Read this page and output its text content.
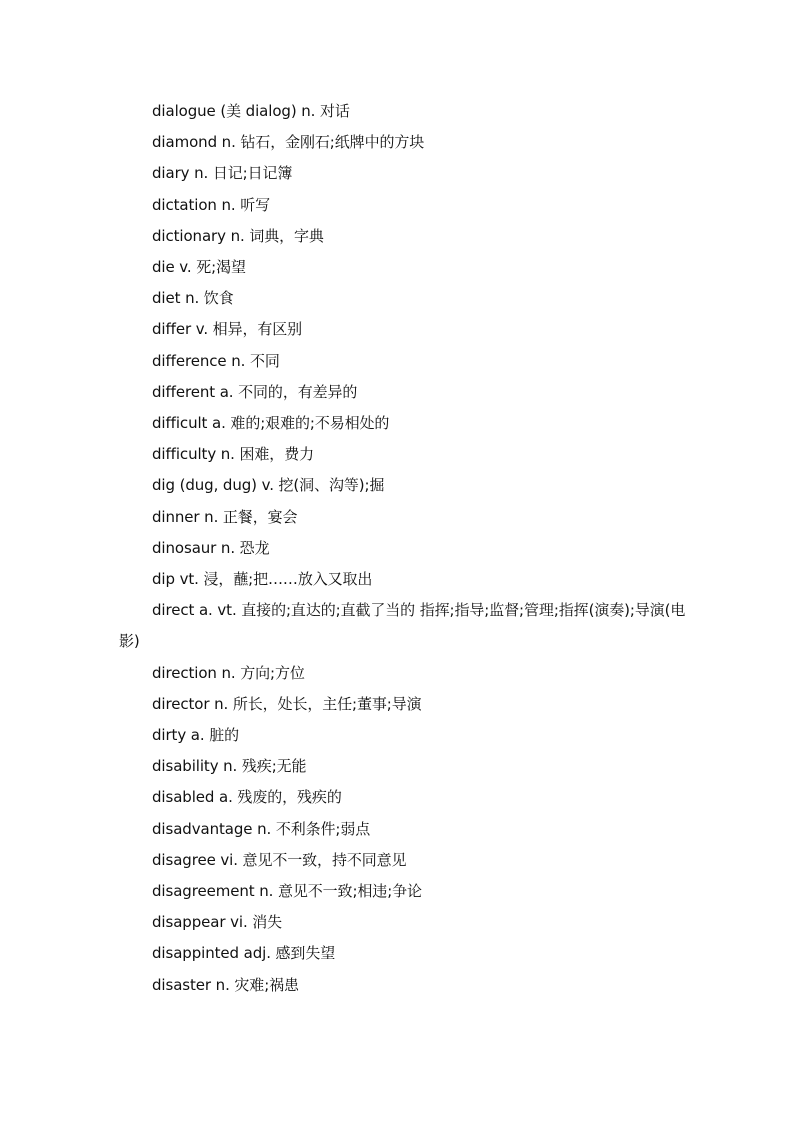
dialogue (美 dialog) n. 对话
diamond n. 钻石，金刚石;纸牌中的方块
diary n. 日记;日记簿
dictation n. 听写
dictionary n. 词典，字典
die v. 死;渴望
diet n. 饮食
differ v. 相异，有区别
difference n. 不同
different a. 不同的，有差异的
difficult a. 难的;艰难的;不易相处的
difficulty n. 困难，费力
dig (dug, dug) v. 挖(洞、沟等);掘
dinner n. 正餐，宴会
dinosaur n. 恐龙
dip vt. 浸，蘸;把……放入又取出
direct a. vt. 直接的;直达的;直截了当的 指挥;指导;监督;管理;指挥(演奏);导演(电影)
direction n. 方向;方位
director n. 所长，处长，主任;董事;导演
dirty a. 脏的
disability n. 残疾;无能
disabled a. 残废的，残疾的
disadvantage n. 不利条件;弱点
disagree vi. 意见不一致，持不同意见
disagreement n. 意见不一致;相违;争论
disappear vi. 消失
disappinted adj. 感到失望
disaster n. 灾难;祸患
